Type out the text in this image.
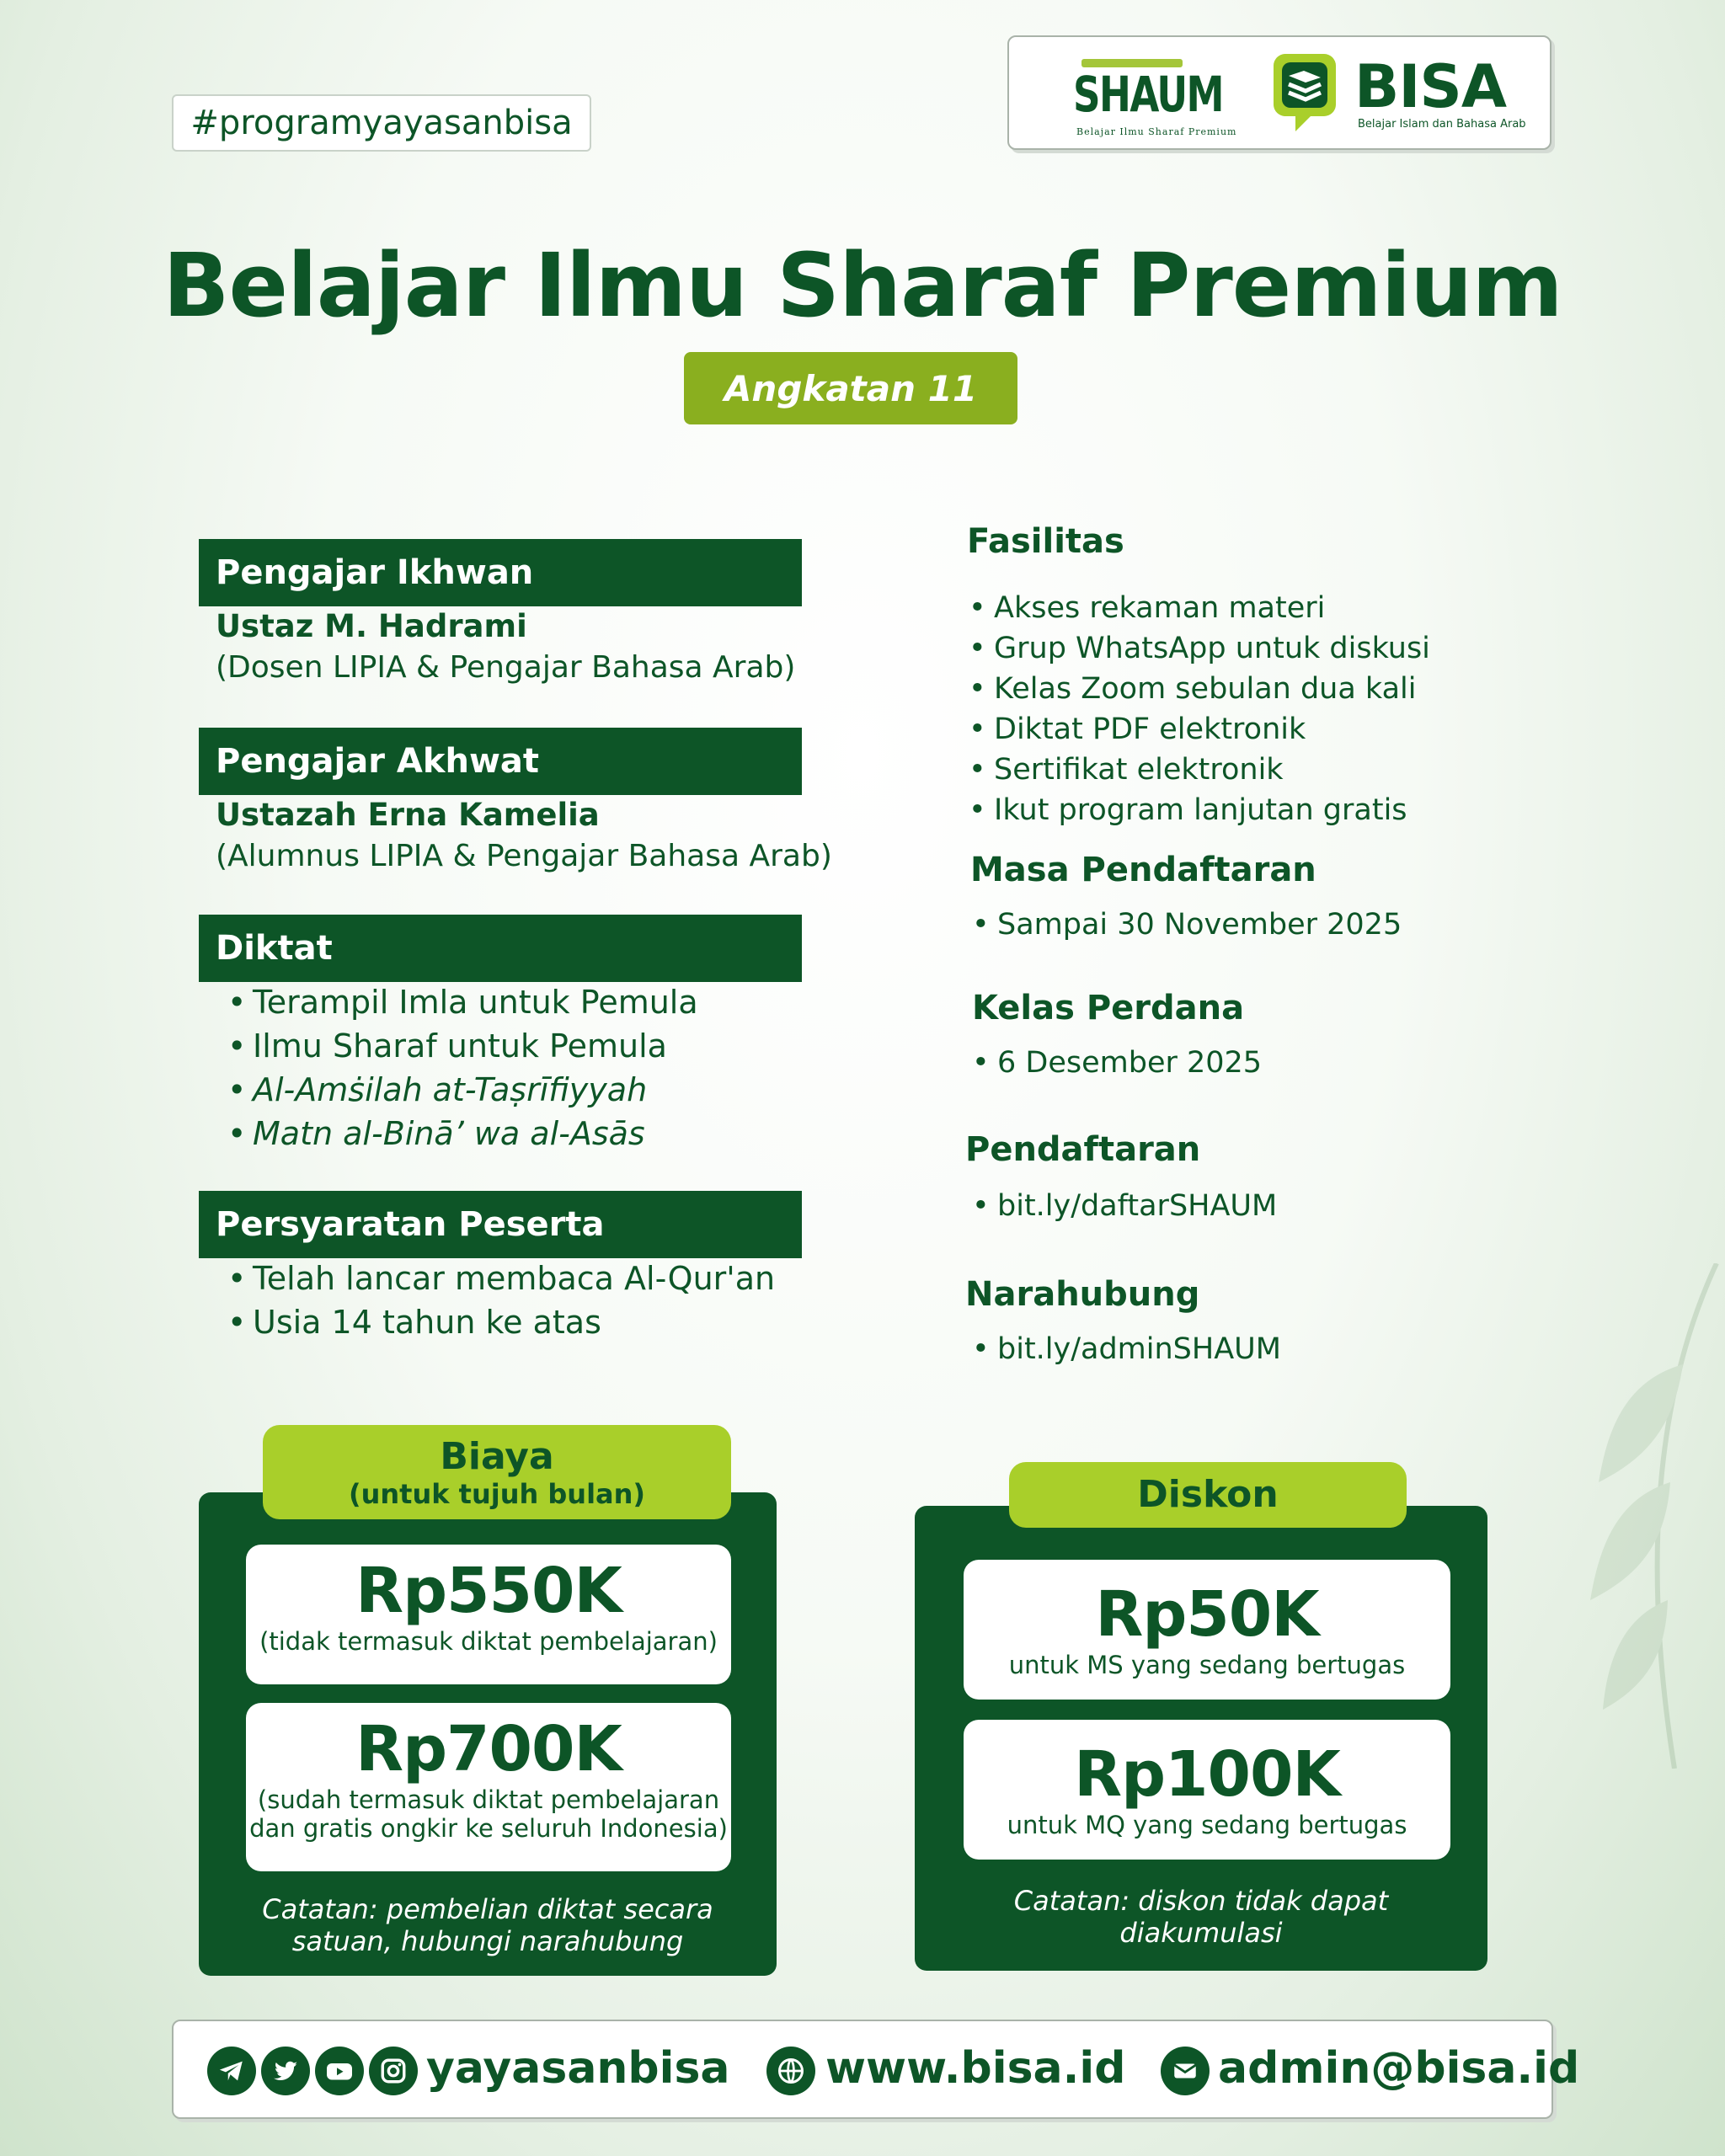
#programyayasanbisa	SHAUM
Belajar Ilmu Sharaf Premium
BISA
Belajar Islam dan Bahasa Arab
Belajar Ilmu Sharaf Premium
Angkatan 11
Pengajar Ikhwan
Ustaz M. Hadrami
(Dosen LIPIA & Pengajar Bahasa Arab)
Pengajar Akhwat
Ustazah Erna Kamelia
(Alumnus LIPIA & Pengajar Bahasa Arab)
Diktat
• Terampil Imla untuk Pemula
• Ilmu Sharaf untuk Pemula
• Al-Amṡilah at-Taṣrīfiyyah
• Matn al-Binā’ wa al-Asās
Persyaratan Peserta
• Telah lancar membaca Al-Qur'an
• Usia 14 tahun ke atas
Fasilitas
• Akses rekaman materi
• Grup WhatsApp untuk diskusi
• Kelas Zoom sebulan dua kali
• Diktat PDF elektronik
• Sertifikat elektronik
• Ikut program lanjutan gratis
Masa Pendaftaran
• Sampai 30 November 2025
Kelas Perdana
• 6 Desember 2025
Pendaftaran
• bit.ly/daftarSHAUM
Narahubung
• bit.ly/adminSHAUM
Biaya
(untuk tujuh bulan)
Rp550K
(tidak termasuk diktat pembelajaran)
Rp700K
(sudah termasuk diktat pembelajaran
dan gratis ongkir ke seluruh Indonesia)
Catatan: pembelian diktat secara
satuan, hubungi narahubung
Diskon
Rp50K
untuk MS yang sedang bertugas
Rp100K
untuk MQ yang sedang bertugas
Catatan: diskon tidak dapat
diakumulasi
yayasanbisa www.bisa.id admin@bisa.id
